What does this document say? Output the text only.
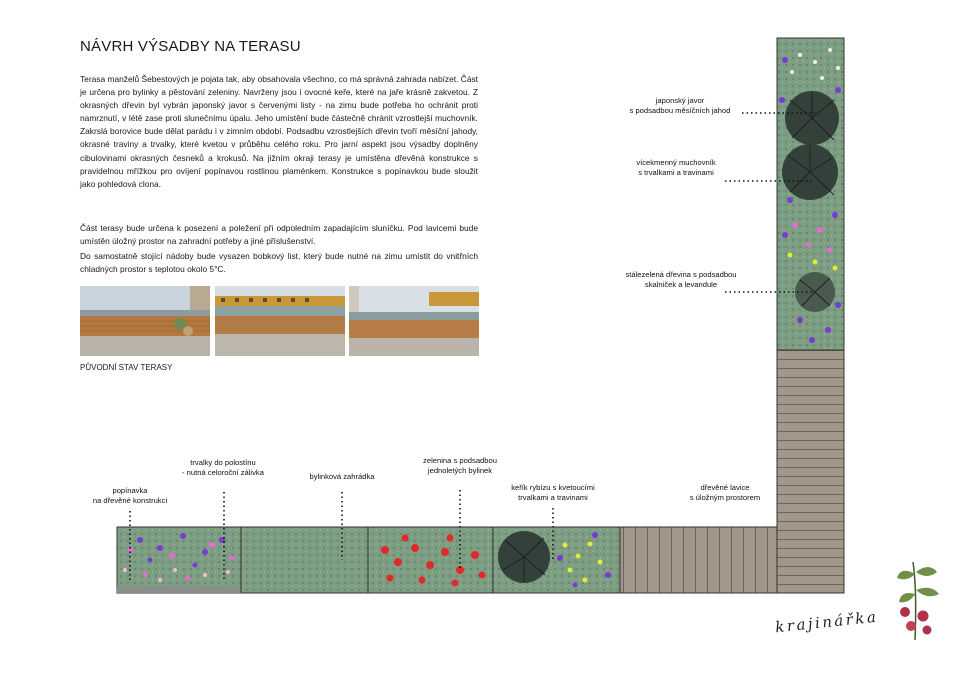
NÁVRH VÝSADBY NA TERASU

Terasa manželů Šebestových je pojata tak, aby obsahovala všechno, co má správná zahrada nabízet. Část je určena pro bylinky a pěstování zeleniny. Navrženy jsou i ovocné keře, které na jaře krásně zakvetou. Z okrasných dřevin byl vybrán japonský javor s červenými listy - na zimu bude potřeba ho ochránit proti namrznutí, v létě zase proti slunečnímu úpalu. Jeho umístění bude částečně chránit vzrostlejší muchovník. Zakrslá borovice bude dělat parádu i v zimním období. Podsadbu vzrostlejších dřevin tvoří měsíční jahody, okrasné traviny a trvalky, které kvetou v průběhu celého roku. Pro jarní aspekt jsou výsadby doplněny cibulovinami okrasných česneků a krokusů. Na jižním okraji terasy je umístěna dřevěná konstrukce s pravidelnou mřížkou pro ovíjení popínavou rostlinou plaménkem. Konstrukce s popínavkou bude sloužit jako pohledová clona.

Část terasy bude určena k posezení a poležení při odpoledním zapadajícím sluníčku. Pod lavicemi bude umístěn úložný prostor na zahradní potřeby a jiné příslušenství.

Do samostatně stojící nádoby bude vysazen bobkový list, který bude nutné na zimu umístit do vnitřních chladných prostor s teplotou okolo 5°C.

PŮVODNÍ STAV TERASY

popínavka
na dřevěné konstrukci
trvalky do polostínu
- nutná celoroční zálivka	bylinková zahrádka
zelenina s podsadbou
jednoletých bylinek
keřík rybízu s kvetoucími
trvalkami a travinami
dřevěné lavice
s úložným prostorem
japonský javor
s podsadbou měsíčních jahod
vícekmenný muchovník
s trvalkami a travinami
stálezelená dřevina s podsadbou
skalniček a levandule
krajinářka
